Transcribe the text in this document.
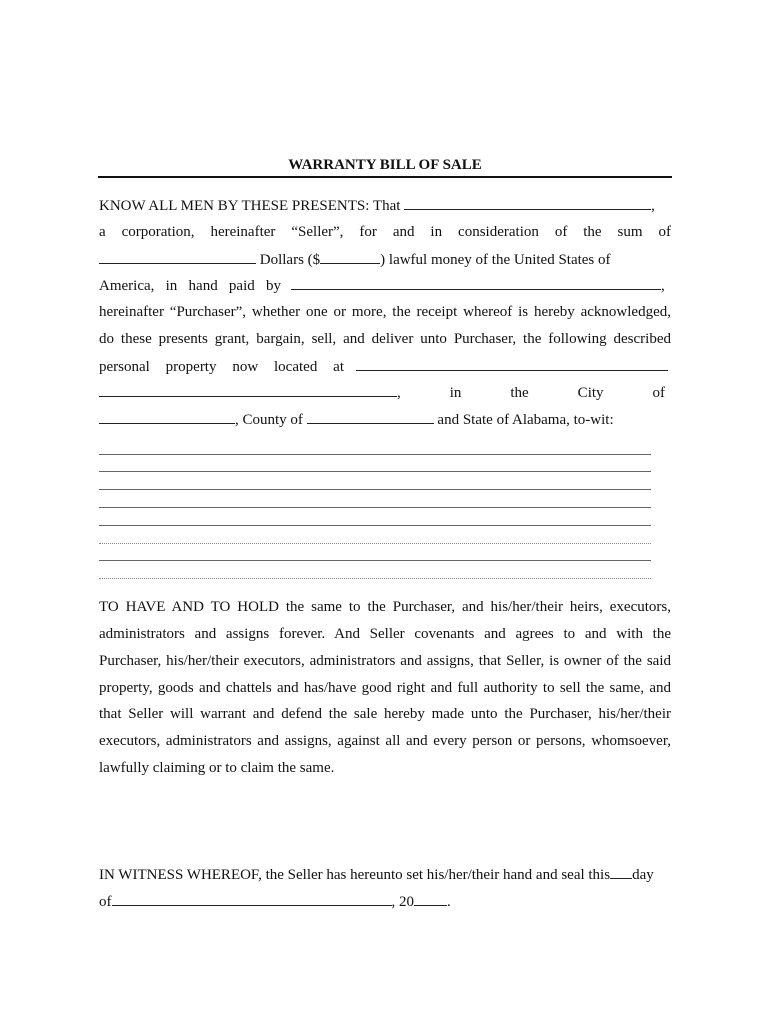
WARRANTY BILL OF SALE
KNOW ALL MEN BY THESE PRESENTS: That	,
a corporation, hereinafter “Seller”, for and in consideration of the sum of
Dollars ($	) lawful money of the United States of
America, in hand paid by	,
hereinafter “Purchaser”, whether one or more, the receipt whereof is hereby acknowledged,
do these presents grant, bargain, sell, and deliver unto Purchaser, the following described
personal property now located at
, in the City of
, County of	and State of Alabama, to-wit:
TO HAVE AND TO HOLD the same to the Purchaser, and his/her/their heirs, executors,
administrators and assigns forever. And Seller covenants and agrees to and with the
Purchaser, his/her/their executors, administrators and assigns, that Seller, is owner of the said
property, goods and chattels and has/have good right and full authority to sell the same, and
that Seller will warrant and defend the sale hereby made unto the Purchaser, his/her/their
executors, administrators and assigns, against all and every person or persons, whomsoever,
lawfully claiming or to claim the same.
IN WITNESS WHEREOF, the Seller has hereunto set his/her/their hand and seal this day
of	, 20 .
